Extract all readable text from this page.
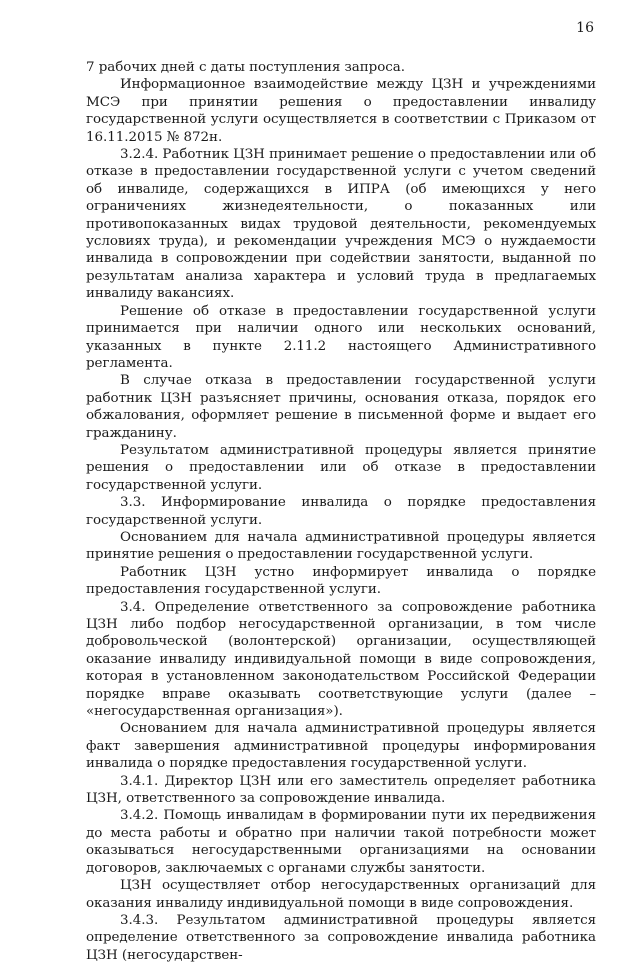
16

7 рабочих дней с даты поступления запроса.

Информационное взаимодействие между ЦЗН и учреждениями МСЭ при принятии решения о предоставлении инвалиду государственной услуги осуществляется в соответствии с Приказом от 16.11.2015 № 872н.

3.2.4. Работник ЦЗН принимает решение о предоставлении или об отказе в предоставлении государственной услуги с учетом сведений об инвалиде, содержащихся в ИПРА (об имеющихся у него ограничениях жизнедеятельности, о показанных или противопоказанных видах трудовой деятельности, рекомендуемых условиях труда), и рекомендации учреждения МСЭ о нуждаемости инвалида в сопровождении при содействии занятости, выданной по результатам анализа характера и условий труда в предлагаемых инвалиду вакансиях.

Решение об отказе в предоставлении государственной услуги принимается при наличии одного или нескольких оснований, указанных в пункте 2.11.2 настоящего Административного регламента.

В случае отказа в предоставлении государственной услуги работник ЦЗН разъясняет причины, основания отказа, порядок его обжалования, оформляет решение в письменной форме и выдает его гражданину.

Результатом административной процедуры является принятие решения о предоставлении или об отказе в предоставлении государственной услуги.

3.3. Информирование инвалида о порядке предоставления государственной услуги.

Основанием для начала административной процедуры является принятие решения о предоставлении государственной услуги.

Работник ЦЗН устно информирует инвалида о порядке предоставления государственной услуги.

3.4. Определение ответственного за сопровождение работника ЦЗН либо подбор негосударственной организации, в том числе добровольческой (волонтерской) организации, осуществляющей оказание инвалиду индивидуальной помощи в виде сопровождения, которая в установленном законодательством Российской Федерации порядке вправе оказывать соответствующие услуги (далее – «негосударственная организация»).

Основанием для начала административной процедуры является факт завершения административной процедуры информирования инвалида о порядке предоставления государственной услуги.

3.4.1. Директор ЦЗН или его заместитель определяет работника ЦЗН, ответственного за сопровождение инвалида.

3.4.2. Помощь инвалидам в формировании пути их передвижения до места работы и обратно при наличии такой потребности может оказываться негосударственными организациями на основании договоров, заключаемых с органами службы занятости.

ЦЗН осуществляет отбор негосударственных организаций для оказания инвалиду индивидуальной помощи в виде сопровождения.

3.4.3. Результатом административной процедуры является определение ответственного за сопровождение инвалида работника ЦЗН (негосударствен-
